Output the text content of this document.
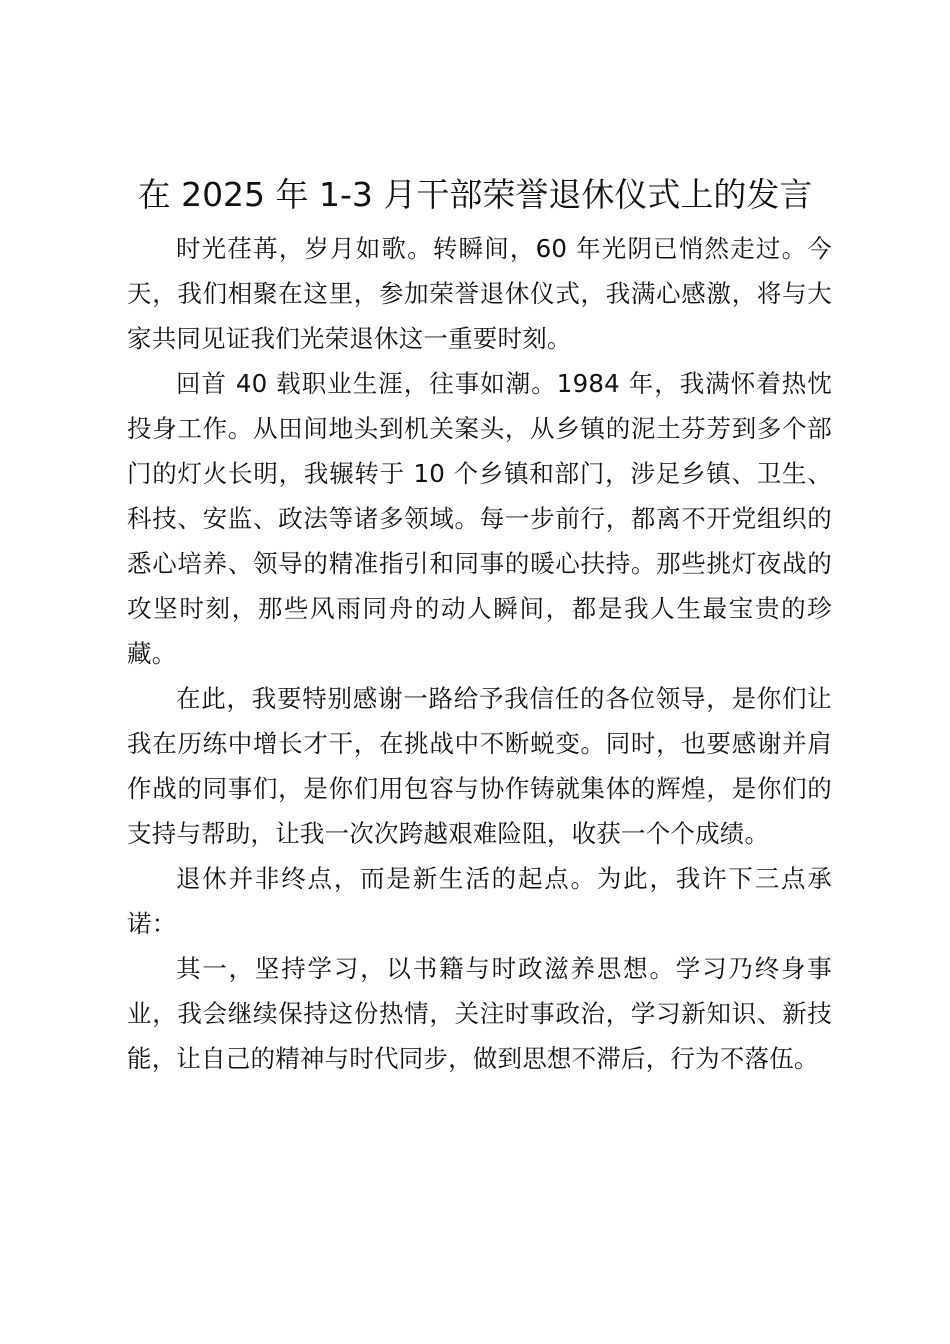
在 2025 年 1-3 月干部荣誉退休仪式上的发言

时光荏苒，岁月如歌。转瞬间，60 年光阴已悄然走过。今天，我们相聚在这里，参加荣誉退休仪式，我满心感激，将与大家共同见证我们光荣退休这一重要时刻。

回首 40 载职业生涯，往事如潮。1984 年，我满怀着热忱投身工作。从田间地头到机关案头，从乡镇的泥土芬芳到多个部门的灯火长明，我辗转于 10 个乡镇和部门，涉足乡镇、卫生、科技、安监、政法等诸多领域。每一步前行，都离不开党组织的悉心培养、领导的精准指引和同事的暖心扶持。那些挑灯夜战的攻坚时刻，那些风雨同舟的动人瞬间，都是我人生最宝贵的珍藏。

在此，我要特别感谢一路给予我信任的各位领导，是你们让我在历练中增长才干，在挑战中不断蜕变。同时，也要感谢并肩作战的同事们，是你们用包容与协作铸就集体的辉煌，是你们的支持与帮助，让我一次次跨越艰难险阻，收获一个个成绩。

退休并非终点，而是新生活的起点。为此，我许下三点承诺：

其一，坚持学习，以书籍与时政滋养思想。学习乃终身事业，我会继续保持这份热情，关注时事政治，学习新知识、新技能，让自己的精神与时代同步，做到思想不滞后，行为不落伍。
